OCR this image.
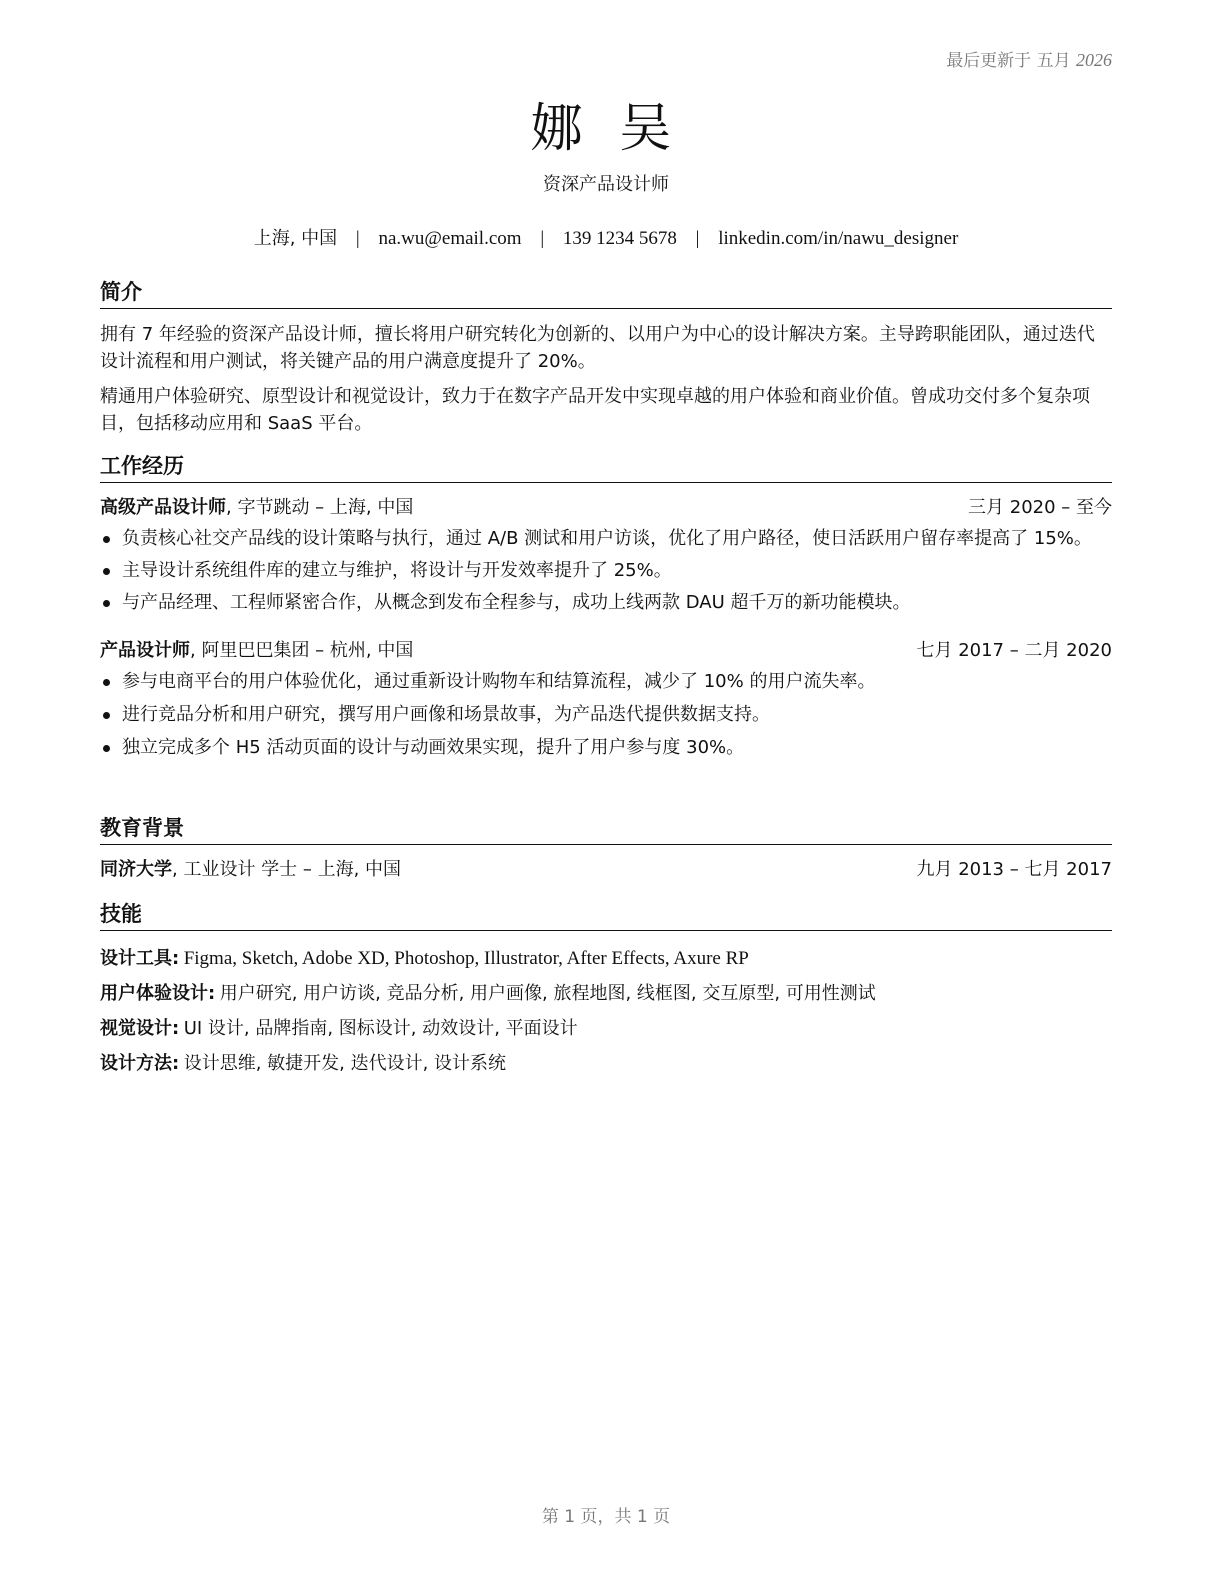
最后更新于 五月 2026
娜 吴
资深产品设计师
上海, 中国 | na.wu@email.com | 139 1234 5678 | linkedin.com/in/nawu_designer
简介

拥有 7 年经验的资深产品设计师，擅长将用户研究转化为创新的、以用户为中心的设计解决方案。主导跨职能团队，通过迭代设计流程和用户测试，将关键产品的用户满意度提升了 20%。

精通用户体验研究、原型设计和视觉设计，致力于在数字产品开发中实现卓越的用户体验和商业价值。曾成功交付多个复杂项目，包括移动应用和 SaaS 平台。

工作经历
高级产品设计师, 字节跳动 – 上海, 中国	三月 2020 – 至今
负责核心社交产品线的设计策略与执行，通过 A/B 测试和用户访谈，优化了用户路径，使日活跃用户留存率提高了 15%。
主导设计系统组件库的建立与维护，将设计与开发效率提升了 25%。
与产品经理、工程师紧密合作，从概念到发布全程参与，成功上线两款 DAU 超千万的新功能模块。
产品设计师, 阿里巴巴集团 – 杭州, 中国	七月 2017 – 二月 2020
参与电商平台的用户体验优化，通过重新设计购物车和结算流程，减少了 10% 的用户流失率。
进行竞品分析和用户研究，撰写用户画像和场景故事，为产品迭代提供数据支持。
独立完成多个 H5 活动页面的设计与动画效果实现，提升了用户参与度 30%。
教育背景
同济大学, 工业设计 学士 – 上海, 中国	九月 2013 – 七月 2017
技能
设计工具: Figma, Sketch, Adobe XD, Photoshop, Illustrator, After Effects, Axure RP
用户体验设计: 用户研究, 用户访谈, 竞品分析, 用户画像, 旅程地图, 线框图, 交互原型, 可用性测试
视觉设计: UI 设计, 品牌指南, 图标设计, 动效设计, 平面设计
设计方法: 设计思维, 敏捷开发, 迭代设计, 设计系统
第 1 页，共 1 页
